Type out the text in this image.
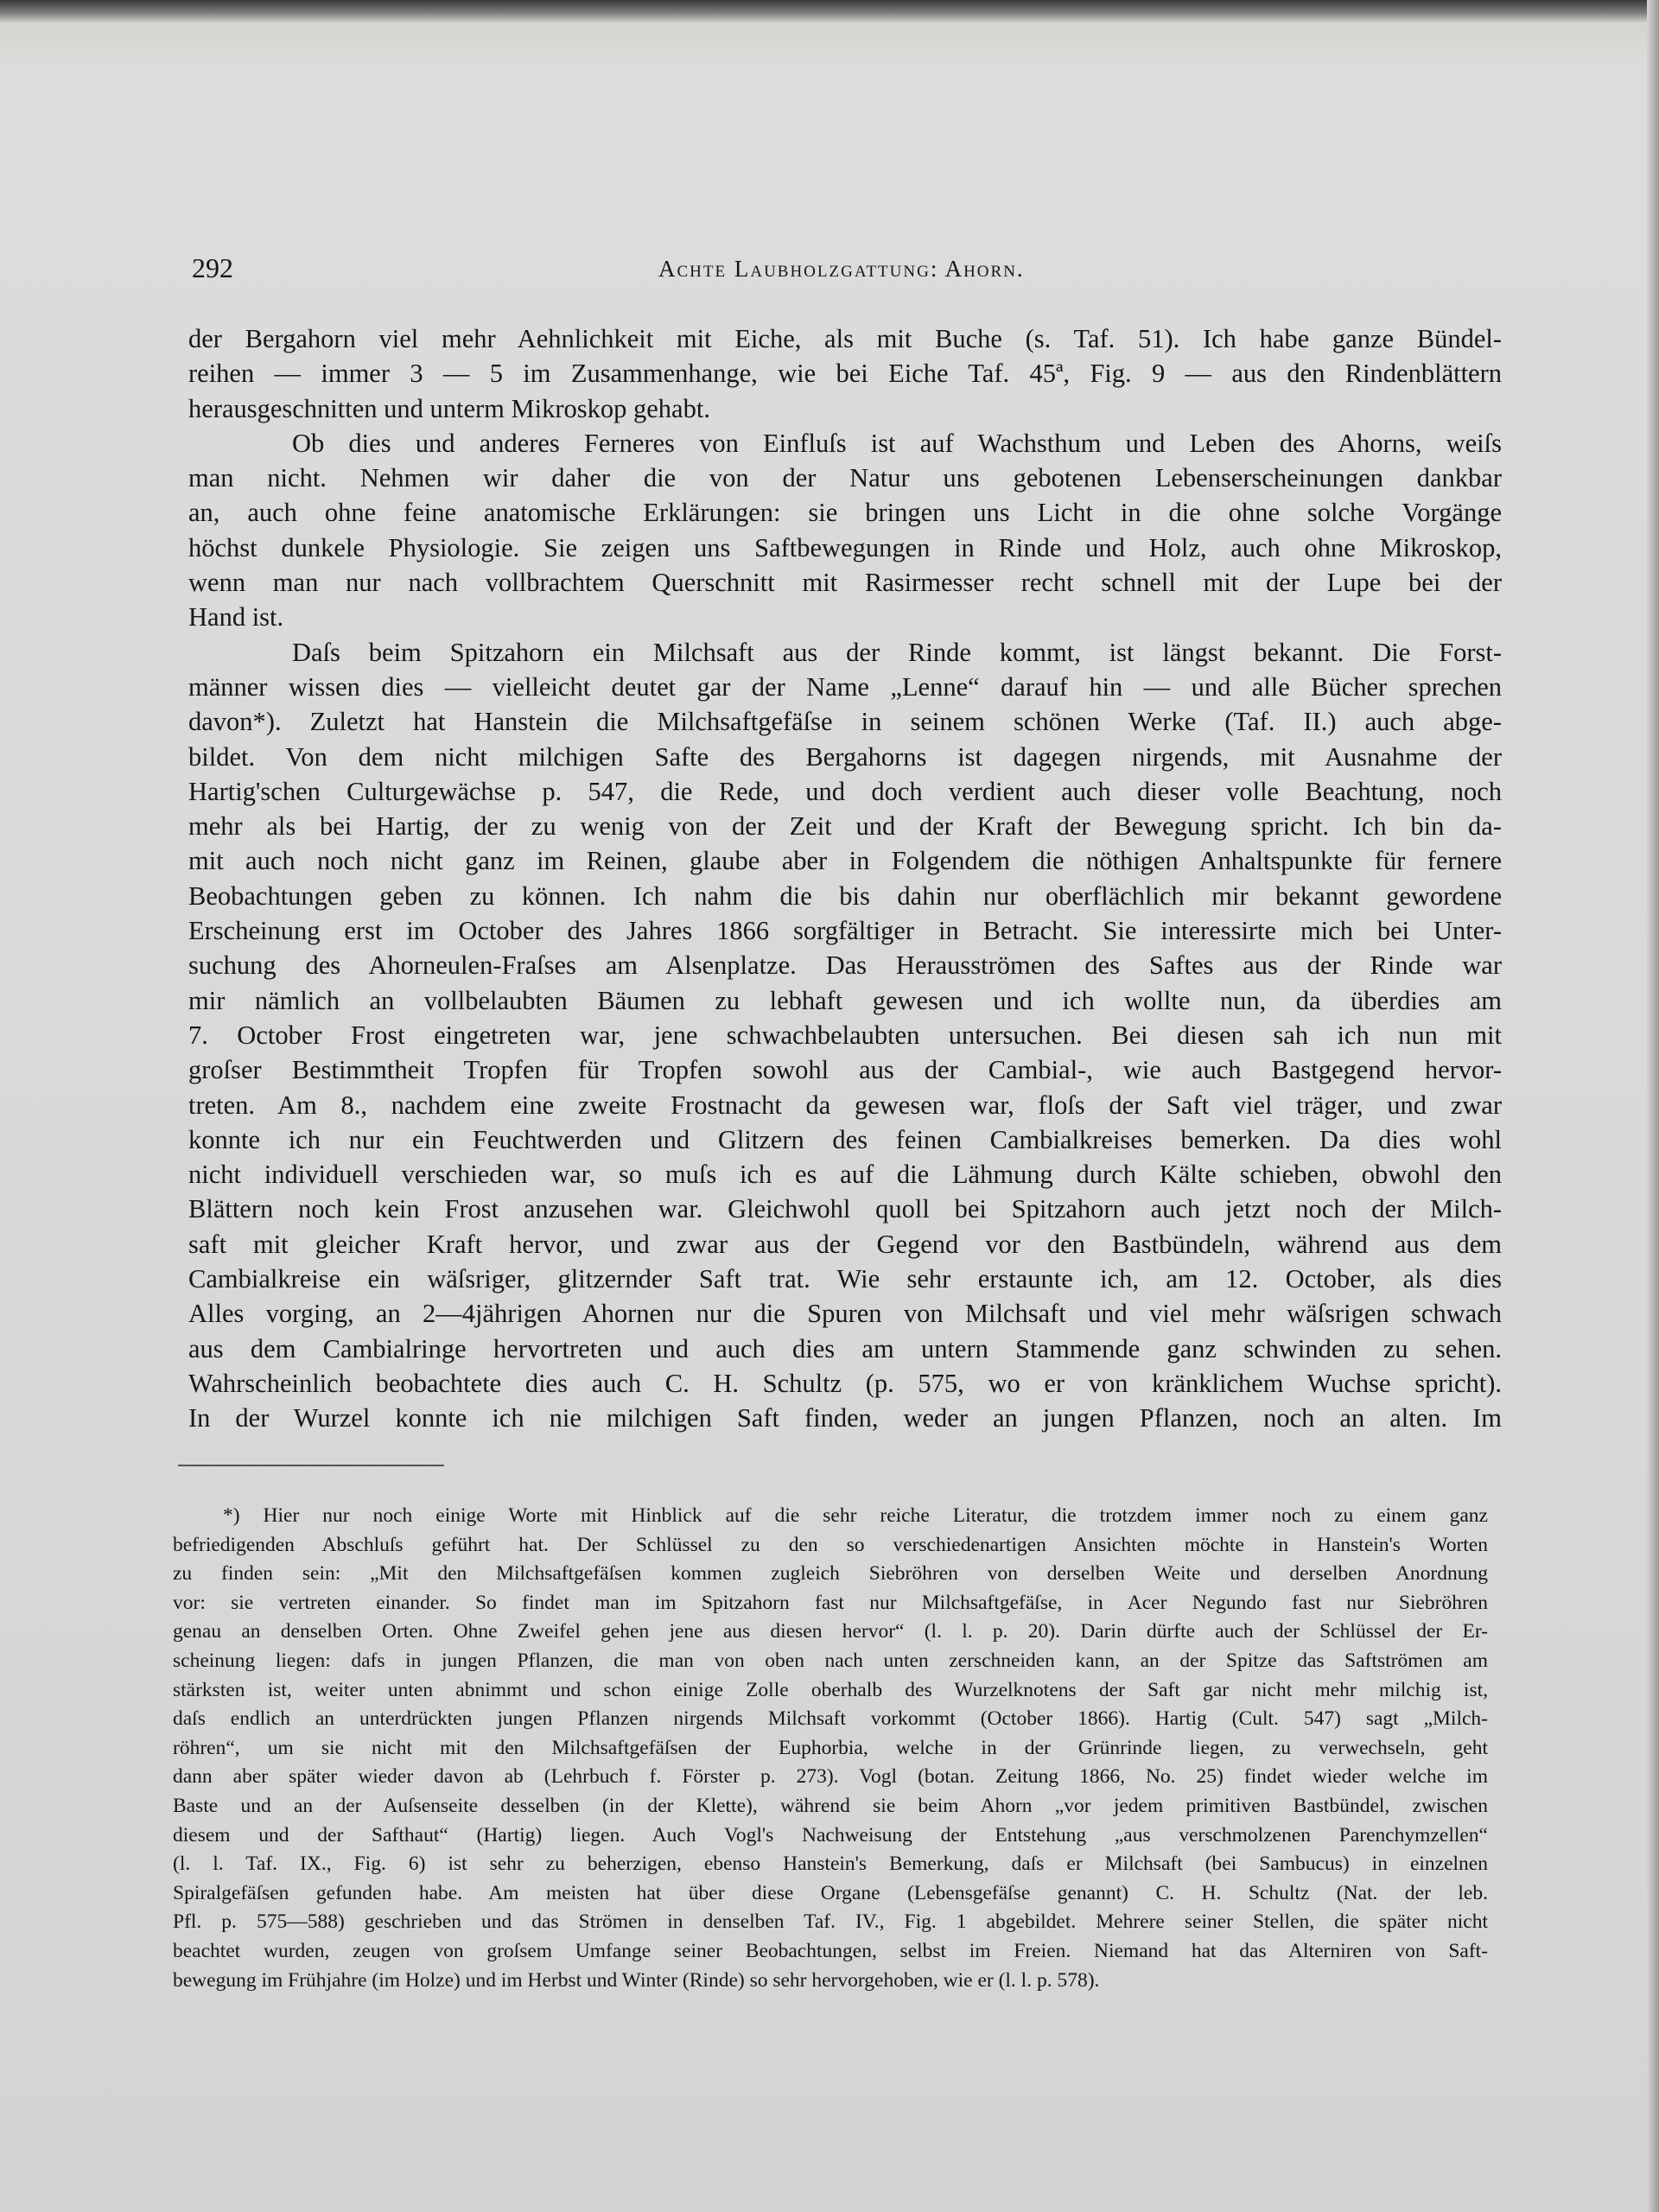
292	Achte Laubholzgattung: Ahorn.
der Bergahorn viel mehr Aehnlichkeit mit Eiche, als mit Buche (s. Taf. 51). Ich habe ganze Bündel-
reihen — immer 3 — 5 im Zusammenhange, wie bei Eiche Taf. 45ª, Fig. 9 — aus den Rindenblättern
herausgeschnitten und unterm Mikroskop gehabt.
Ob dies und anderes Ferneres von Einfluſs ist auf Wachsthum und Leben des Ahorns, weiſs
man nicht. Nehmen wir daher die von der Natur uns gebotenen Lebenserscheinungen dankbar
an, auch ohne feine anatomische Erklärungen: sie bringen uns Licht in die ohne solche Vorgänge
höchst dunkele Physiologie. Sie zeigen uns Saftbewegungen in Rinde und Holz, auch ohne Mikroskop,
wenn man nur nach vollbrachtem Querschnitt mit Rasirmesser recht schnell mit der Lupe bei der
Hand ist.
Daſs beim Spitzahorn ein Milchsaft aus der Rinde kommt, ist längst bekannt. Die Forst-
männer wissen dies — vielleicht deutet gar der Name „Lenne“ darauf hin — und alle Bücher sprechen
davon*). Zuletzt hat Hanstein die Milchsaftgefäſse in seinem schönen Werke (Taf. II.) auch abge-
bildet. Von dem nicht milchigen Safte des Bergahorns ist dagegen nirgends, mit Ausnahme der
Hartig'schen Culturgewächse p. 547, die Rede, und doch verdient auch dieser volle Beachtung, noch
mehr als bei Hartig, der zu wenig von der Zeit und der Kraft der Bewegung spricht. Ich bin da-
mit auch noch nicht ganz im Reinen, glaube aber in Folgendem die nöthigen Anhaltspunkte für fernere
Beobachtungen geben zu können. Ich nahm die bis dahin nur oberflächlich mir bekannt gewordene
Erscheinung erst im October des Jahres 1866 sorgfältiger in Betracht. Sie interessirte mich bei Unter-
suchung des Ahorneulen-Fraſses am Alsenplatze. Das Herausströmen des Saftes aus der Rinde war
mir nämlich an vollbelaubten Bäumen zu lebhaft gewesen und ich wollte nun, da überdies am
7. October Frost eingetreten war, jene schwachbelaubten untersuchen. Bei diesen sah ich nun mit
groſser Bestimmtheit Tropfen für Tropfen sowohl aus der Cambial-, wie auch Bastgegend hervor-
treten. Am 8., nachdem eine zweite Frostnacht da gewesen war, floſs der Saft viel träger, und zwar
konnte ich nur ein Feuchtwerden und Glitzern des feinen Cambialkreises bemerken. Da dies wohl
nicht individuell verschieden war, so muſs ich es auf die Lähmung durch Kälte schieben, obwohl den
Blättern noch kein Frost anzusehen war. Gleichwohl quoll bei Spitzahorn auch jetzt noch der Milch-
saft mit gleicher Kraft hervor, und zwar aus der Gegend vor den Bastbündeln, während aus dem
Cambialkreise ein wäſsriger, glitzernder Saft trat. Wie sehr erstaunte ich, am 12. October, als dies
Alles vorging, an 2—4jährigen Ahornen nur die Spuren von Milchsaft und viel mehr wäſsrigen schwach
aus dem Cambialringe hervortreten und auch dies am untern Stammende ganz schwinden zu sehen.
Wahrscheinlich beobachtete dies auch C. H. Schultz (p. 575, wo er von kränklichem Wuchse spricht).
In der Wurzel konnte ich nie milchigen Saft finden, weder an jungen Pflanzen, noch an alten. Im
*) Hier nur noch einige Worte mit Hinblick auf die sehr reiche Literatur, die trotzdem immer noch zu einem ganz
befriedigenden Abschluſs geführt hat. Der Schlüssel zu den so verschiedenartigen Ansichten möchte in Hanstein's Worten
zu finden sein: „Mit den Milchsaftgefäſsen kommen zugleich Siebröhren von derselben Weite und derselben Anordnung
vor: sie vertreten einander. So findet man im Spitzahorn fast nur Milchsaftgefäſse, in Acer Negundo fast nur Siebröhren
genau an denselben Orten. Ohne Zweifel gehen jene aus diesen hervor“ (l. l. p. 20). Darin dürfte auch der Schlüssel der Er-
scheinung liegen: dafs in jungen Pflanzen, die man von oben nach unten zerschneiden kann, an der Spitze das Saftströmen am
stärksten ist, weiter unten abnimmt und schon einige Zolle oberhalb des Wurzelknotens der Saft gar nicht mehr milchig ist,
daſs endlich an unterdrückten jungen Pflanzen nirgends Milchsaft vorkommt (October 1866). Hartig (Cult. 547) sagt „Milch-
röhren“, um sie nicht mit den Milchsaftgefäſsen der Euphorbia, welche in der Grünrinde liegen, zu verwechseln, geht
dann aber später wieder davon ab (Lehrbuch f. Förster p. 273). Vogl (botan. Zeitung 1866, No. 25) findet wieder welche im
Baste und an der Auſsenseite desselben (in der Klette), während sie beim Ahorn „vor jedem primitiven Bastbündel, zwischen
diesem und der Safthaut“ (Hartig) liegen. Auch Vogl's Nachweisung der Entstehung „aus verschmolzenen Parenchymzellen“
(l. l. Taf. IX., Fig. 6) ist sehr zu beherzigen, ebenso Hanstein's Bemerkung, daſs er Milchsaft (bei Sambucus) in einzelnen
Spiralgefäſsen gefunden habe. Am meisten hat über diese Organe (Lebensgefäſse genannt) C. H. Schultz (Nat. der leb.
Pfl. p. 575—588) geschrieben und das Strömen in denselben Taf. IV., Fig. 1 abgebildet. Mehrere seiner Stellen, die später nicht
beachtet wurden, zeugen von groſsem Umfange seiner Beobachtungen, selbst im Freien. Niemand hat das Alterniren von Saft-
bewegung im Frühjahre (im Holze) und im Herbst und Winter (Rinde) so sehr hervorgehoben, wie er (l. l. p. 578).
